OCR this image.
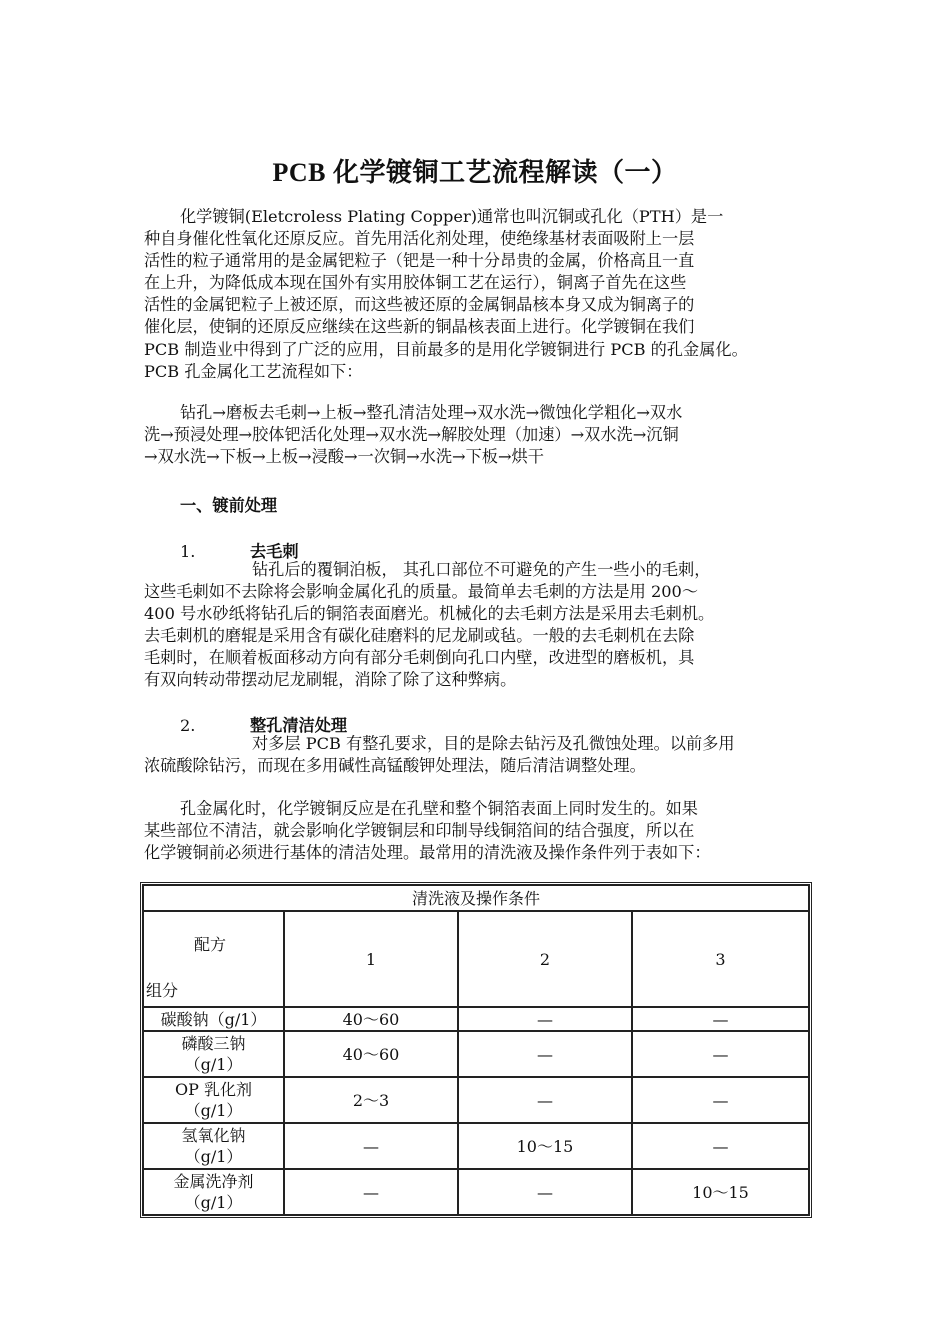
PCB 化学镀铜工艺流程解读（一）

化学镀铜(Eletcroless Plating Copper)通常也叫沉铜或孔化（PTH）是一
种自身催化性氧化还原反应。首先用活化剂处理，使绝缘基材表面吸附上一层
活性的粒子通常用的是金属钯粒子（钯是一种十分昂贵的金属，价格高且一直
在上升，为降低成本现在国外有实用胶体铜工艺在运行），铜离子首先在这些
活性的金属钯粒子上被还原，而这些被还原的金属铜晶核本身又成为铜离子的
催化层，使铜的还原反应继续在这些新的铜晶核表面上进行。化学镀铜在我们
PCB 制造业中得到了广泛的应用，目前最多的是用化学镀铜进行 PCB 的孔金属化。
PCB 孔金属化工艺流程如下：

钻孔→磨板去毛刺→上板→整孔清洁处理→双水洗→微蚀化学粗化→双水
洗→预浸处理→胶体钯活化处理→双水洗→解胶处理（加速）→双水洗→沉铜
→双水洗→下板→上板→浸酸→一次铜→水洗→下板→烘干

一、镀前处理
1.	去毛刺

钻孔后的覆铜泊板， 其孔口部位不可避免的产生一些小的毛刺，
这些毛刺如不去除将会影响金属化孔的质量。最简单去毛刺的方法是用 200～
400 号水砂纸将钻孔后的铜箔表面磨光。机械化的去毛刺方法是采用去毛刺机。
去毛刺机的磨辊是采用含有碳化硅磨料的尼龙刷或毡。一般的去毛刺机在去除
毛刺时，在顺着板面移动方向有部分毛刺倒向孔口内壁，改进型的磨板机，具
有双向转动带摆动尼龙刷辊，消除了除了这种弊病。

2.	整孔清洁处理

对多层 PCB 有整孔要求，目的是除去钻污及孔微蚀处理。以前多用
浓硫酸除钻污，而现在多用碱性高锰酸钾处理法，随后清洁调整处理。

孔金属化时，化学镀铜反应是在孔壁和整个铜箔表面上同时发生的。如果
某些部位不清洁，就会影响化学镀铜层和印制导线铜箔间的结合强度，所以在
化学镀铜前必须进行基体的清洁处理。最常用的清洗液及操作条件列于表如下：

清洗液及操作条件			

配方
组分	1	2	3

碳酸钠（g/1）	40～60	—	—

磷酸三钠
（g/1）	40～60	—	—

OP 乳化剂
（g/1）	2～3	—	—

氢氧化钠
（g/1）	—	10～15	—

金属洗净剂
（g/1）	—	—	10～15
